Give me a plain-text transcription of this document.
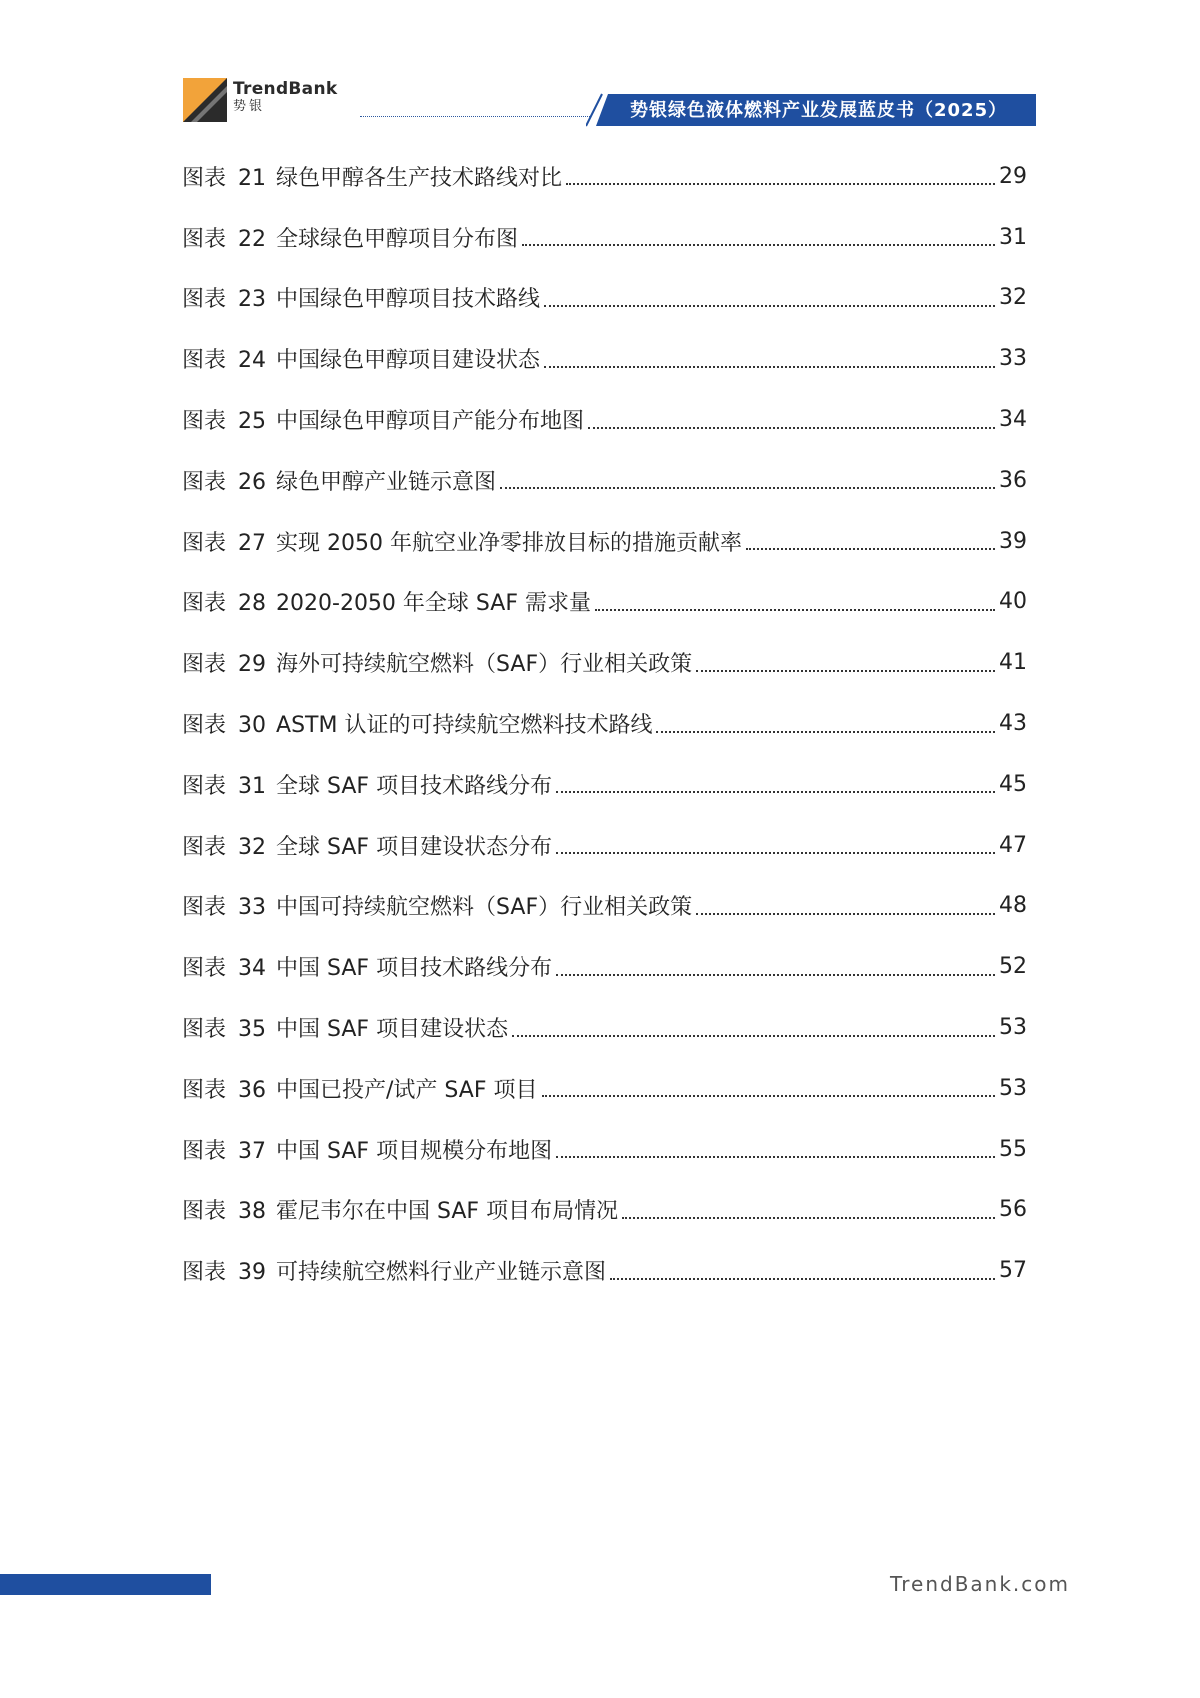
TrendBank
势银	势银绿色液体燃料产业发展蓝皮书（2025）
图表 21 绿色甲醇各生产技术路线对比	29
图表 22 全球绿色甲醇项目分布图	31
图表 23 中国绿色甲醇项目技术路线	32
图表 24 中国绿色甲醇项目建设状态	33
图表 25 中国绿色甲醇项目产能分布地图	34
图表 26 绿色甲醇产业链示意图	36
图表 27 实现 2050 年航空业净零排放目标的措施贡献率	39
图表 28 2020-2050 年全球 SAF 需求量	40
图表 29 海外可持续航空燃料（SAF）行业相关政策	41
图表 30 ASTM 认证的可持续航空燃料技术路线	43
图表 31 全球 SAF 项目技术路线分布	45
图表 32 全球 SAF 项目建设状态分布	47
图表 33 中国可持续航空燃料（SAF）行业相关政策	48
图表 34 中国 SAF 项目技术路线分布	52
图表 35 中国 SAF 项目建设状态	53
图表 36 中国已投产/试产 SAF 项目	53
图表 37 中国 SAF 项目规模分布地图	55
图表 38 霍尼韦尔在中国 SAF 项目布局情况	56
图表 39 可持续航空燃料行业产业链示意图	57
TrendBank.com
